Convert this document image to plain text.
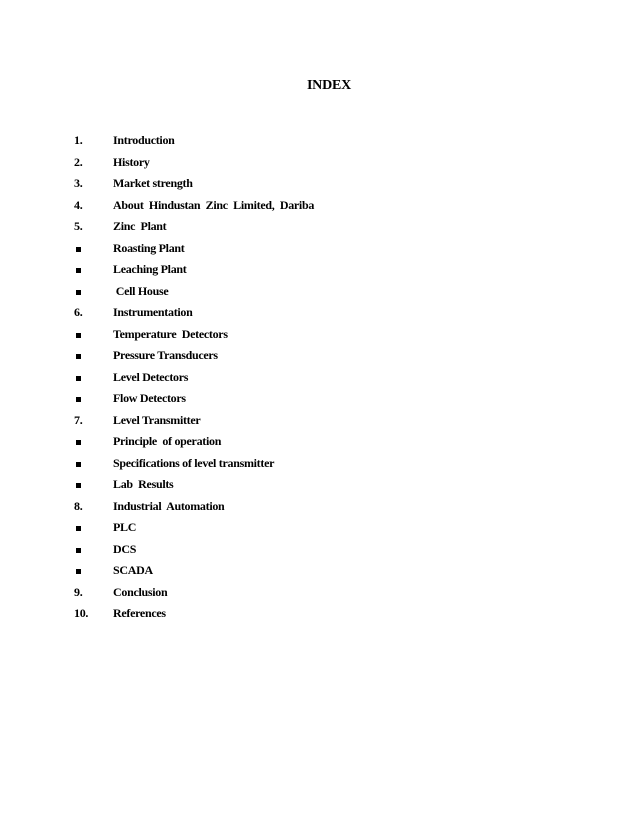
INDEX
1.	Introduction
2.	History
3.	Market strength
4.	About  Hindustan  Zinc  Limited,  Dariba
5.	Zinc  Plant
Roasting Plant
Leaching Plant
Cell House
6.	Instrumentation
Temperature  Detectors
Pressure Transducers
Level Detectors
Flow Detectors
7.	Level Transmitter
Principle  of operation
Specifications of level transmitter
Lab  Results
8.	Industrial  Automation
PLC
DCS
SCADA
9.	Conclusion
10.	References
